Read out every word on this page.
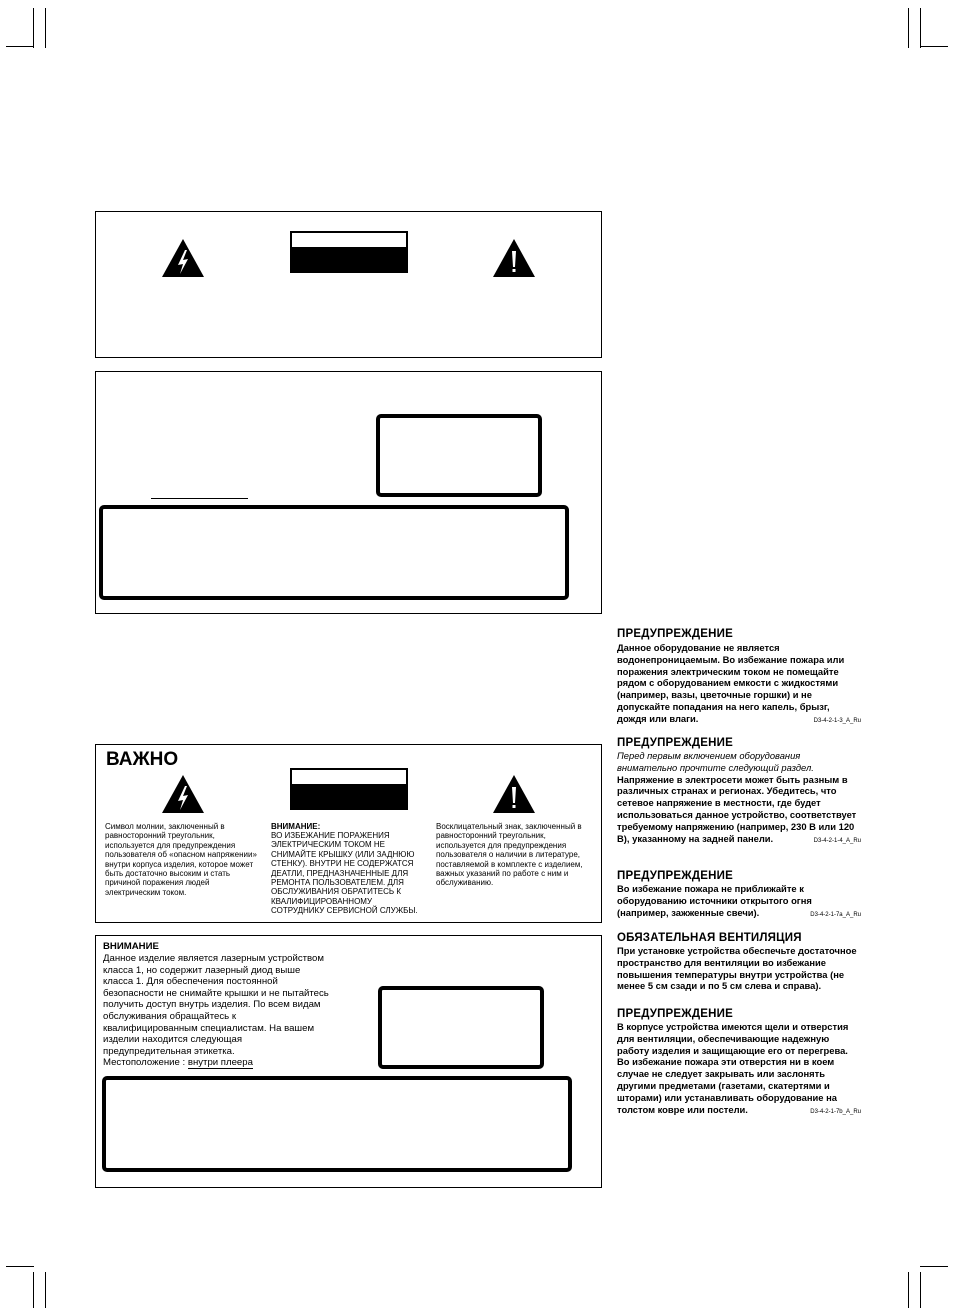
ВАЖНО
Символ молнии, заключенный в
равносторонний треугольник,
используется для предупреждения
пользователя об «опасном напряжении»
внутри корпуса изделия, которое может
быть достаточно высоким и стать
причиной поражения людей
электрическим током.
ВНИМАНИЕ:
ВО ИЗБЕЖАНИЕ ПОРАЖЕНИЯ
ЭЛЕКТРИЧЕСКИМ ТОКОМ НЕ
СНИМАЙТЕ КРЫШКУ (ИЛИ ЗАДНЮЮ
СТЕНКУ). ВНУТРИ НЕ СОДЕРЖАТСЯ
ДЕАТЛИ, ПРЕДНАЗНАЧЕННЫЕ ДЛЯ
РЕМОНТА ПОЛЬЗОВАТЕЛЕМ. ДЛЯ
ОБСЛУЖИВАНИЯ ОБРАТИТЕСЬ К
КВАЛИФИЦИРОВАННОМУ
СОТРУДНИКУ СЕРВИСНОЙ СЛУЖБЫ.
Восклицательный знак, заключенный в
равносторонний треугольник,
используется для предупреждения
пользователя о наличии в литературе,
поставляемой в комплекте с изделием,
важных указаний по работе с ним и
обслуживанию.
ВНИМАНИЕ
Данное изделие является лазерным устройством
класса 1, но содержит лазерный диод выше
класса 1. Для обеспечения постоянной
безопасности не снимайте крышки и не пытайтесь
получить доступ внутрь изделия. По всем видам
обслуживания обращайтесь к
квалифицированным специалистам. На вашем
изделии находится следующая
предупредительная этикетка.
Местоположение : внутри плеера
ПРЕДУПРЕЖДЕНИЕ
Данное оборудование не является водонепроницаемым. Во избежание пожара или поражения электрическим током не помещайте рядом с оборудованием емкости с жидкостями (например, вазы, цветочные горшки) и не допускайте попадания на него капель, брызг, дождя или влаги.	D3-4-2-1-3_A_Ru
ПРЕДУПРЕЖДЕНИЕ
Перед первым включением оборудования внимательно прочтите следующий раздел. Напряжение в электросети может быть разным в различных странах и регионах. Убедитесь, что сетевое напряжение в местности, где будет использоваться данное устройство, соответствует требуемому напряжению (например, 230 В или 120 В), указанному на задней панели.	D3-4-2-1-4_A_Ru
ПРЕДУПРЕЖДЕНИЕ
Во избежание пожара не приближайте к оборудованию источники открытого огня (например, зажженные свечи).	D3-4-2-1-7a_A_Ru
ОБЯЗАТЕЛЬНАЯ ВЕНТИЛЯЦИЯ
При установке устройства обеспечьте достаточное пространство для вентиляции во избежание повышения температуры внутри устройства (не менее 5 см сзади и по 5 см слева и справа).
ПРЕДУПРЕЖДЕНИЕ
В корпусе устройства имеются щели и отверстия для вентиляции, обеспечивающие надежную работу изделия и защищающие его от перегрева. Во избежание пожара эти отверстия ни в коем случае не следует закрывать или заслонять другими предметами (газетами, скатертями и шторами) или устанавливать оборудование на толстом ковре или постели.	D3-4-2-1-7b_A_Ru
